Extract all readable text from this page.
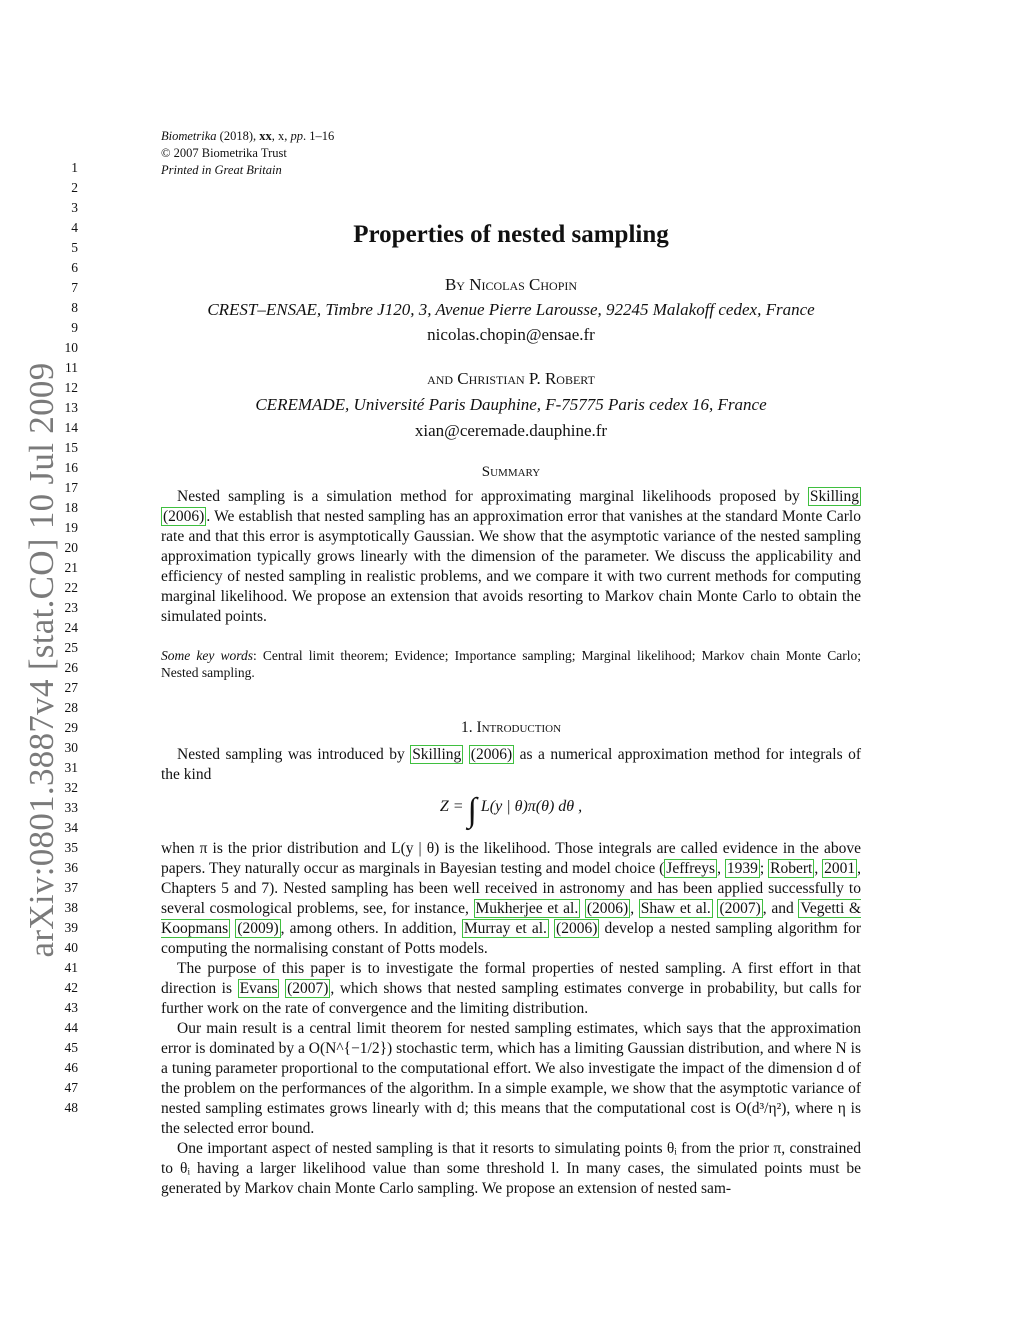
Biometrika (2018), xx, x, pp. 1–16
© 2007 Biometrika Trust
Printed in Great Britain
arXiv:0801.3887v4 [stat.CO] 10 Jul 2009
1
2
3
4
5
6
7
8
9
10
11
12
13
14
15
16
17
18
19
20
21
22
23
24
25
26
27
28
29
30
31
32
33
34
35
36
37
38
39
40
41
42
43
44
45
46
47
48
Properties of nested sampling
By Nicolas Chopin
CREST–ENSAE, Timbre J120, 3, Avenue Pierre Larousse, 92245 Malakoff cedex, France
nicolas.chopin@ensae.fr
and Christian P. Robert
CEREMADE, Université Paris Dauphine, F-75775 Paris cedex 16, France
xian@ceremade.dauphine.fr
Summary

Nested sampling is a simulation method for approximating marginal likelihoods proposed by Skilling (2006) . We establish that nested sampling has an approximation error that vanishes at the standard Monte Carlo rate and that this error is asymptotically Gaussian. We show that the asymptotic variance of the nested sampling approximation typically grows linearly with the dimension of the parameter. We discuss the applicability and efficiency of nested sampling in realistic problems, and we compare it with two current methods for computing marginal likelihood. We propose an extension that avoids resorting to Markov chain Monte Carlo to obtain the simulated points.

Some key words: Central limit theorem; Evidence; Importance sampling; Marginal likelihood; Markov chain Monte Carlo; Nested sampling.
1. Introduction

Nested sampling was introduced by Skilling (2006) as a numerical approximation method for integrals of the kind

Z = ∫ L(y | θ)π(θ) dθ ,

when π is the prior distribution and L(y | θ) is the likelihood. Those integrals are called evidence in the above papers. They naturally occur as marginals in Bayesian testing and model choice ( Jeffreys , 1939 ; Robert , 2001 , Chapters 5 and 7). Nested sampling has been well received in astronomy and has been applied successfully to several cosmological problems, see, for instance, Mukherjee et al. (2006) , Shaw et al. (2007) , and Vegetti & Koopmans (2009) , among others. In addition, Murray et al. (2006) develop a nested sampling algorithm for computing the normalising constant of Potts models.

The purpose of this paper is to investigate the formal properties of nested sampling. A first effort in that direction is Evans (2007) , which shows that nested sampling estimates converge in probability, but calls for further work on the rate of convergence and the limiting distribution.

Our main result is a central limit theorem for nested sampling estimates, which says that the approximation error is dominated by a O(N^{−1/2}) stochastic term, which has a limiting Gaussian distribution, and where N is a tuning parameter proportional to the computational effort. We also investigate the impact of the dimension d of the problem on the performances of the algorithm. In a simple example, we show that the asymptotic variance of nested sampling estimates grows linearly with d; this means that the computational cost is O(d³/η²), where η is the selected error bound.

One important aspect of nested sampling is that it resorts to simulating points θᵢ from the prior π, constrained to θᵢ having a larger likelihood value than some threshold l. In many cases, the simulated points must be generated by Markov chain Monte Carlo sampling. We propose an extension of nested sam-
